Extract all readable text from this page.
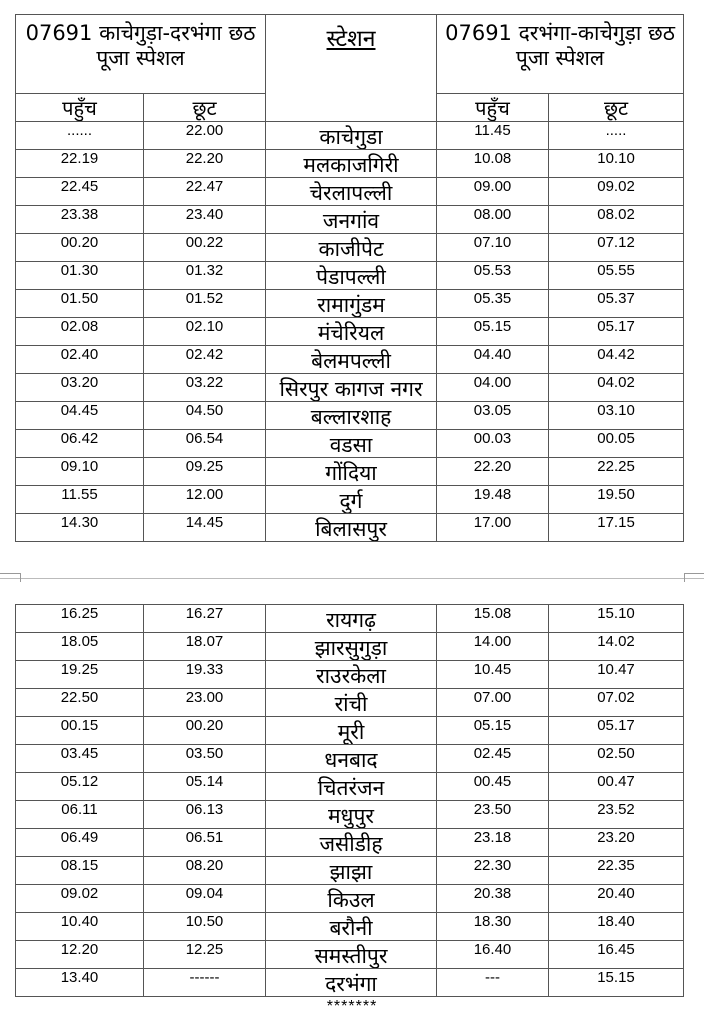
07691 काचेगुड़ा-दरभंगा छठ पूजा स्पेशल		स्टेशन	07691 दरभंगा-काचेगुड़ा छठ पूजा स्पेशल	
पहुँच	छूट		पहुँच	छूट
......	22.00	काचेगुडा	11.45	.....
22.19	22.20	मलकाजगिरी	10.08	10.10
22.45	22.47	चेरलापल्ली	09.00	09.02
23.38	23.40	जनगांव	08.00	08.02
00.20	00.22	काजीपेट	07.10	07.12
01.30	01.32	पेडापल्ली	05.53	05.55
01.50	01.52	रामागुंडम	05.35	05.37
02.08	02.10	मंचेरियल	05.15	05.17
02.40	02.42	बेलमपल्ली	04.40	04.42
03.20	03.22	सिरपुर कागज नगर	04.00	04.02
04.45	04.50	बल्लारशाह	03.05	03.10
06.42	06.54	वडसा	00.03	00.05
09.10	09.25	गोंदिया	22.20	22.25
11.55	12.00	दुर्ग	19.48	19.50
14.30	14.45	बिलासपुर	17.00	17.15
16.25	16.27	रायगढ़	15.08	15.10
18.05	18.07	झारसुगुड़ा	14.00	14.02
19.25	19.33	राउरकेला	10.45	10.47
22.50	23.00	रांची	07.00	07.02
00.15	00.20	मूरी	05.15	05.17
03.45	03.50	धनबाद	02.45	02.50
05.12	05.14	चितरंजन	00.45	00.47
06.11	06.13	मधुपुर	23.50	23.52
06.49	06.51	जसीडीह	23.18	23.20
08.15	08.20	झाझा	22.30	22.35
09.02	09.04	किउल	20.38	20.40
10.40	10.50	बरौनी	18.30	18.40
12.20	12.25	समस्तीपुर	16.40	16.45
13.40	------	दरभंगा	---	15.15
*******
